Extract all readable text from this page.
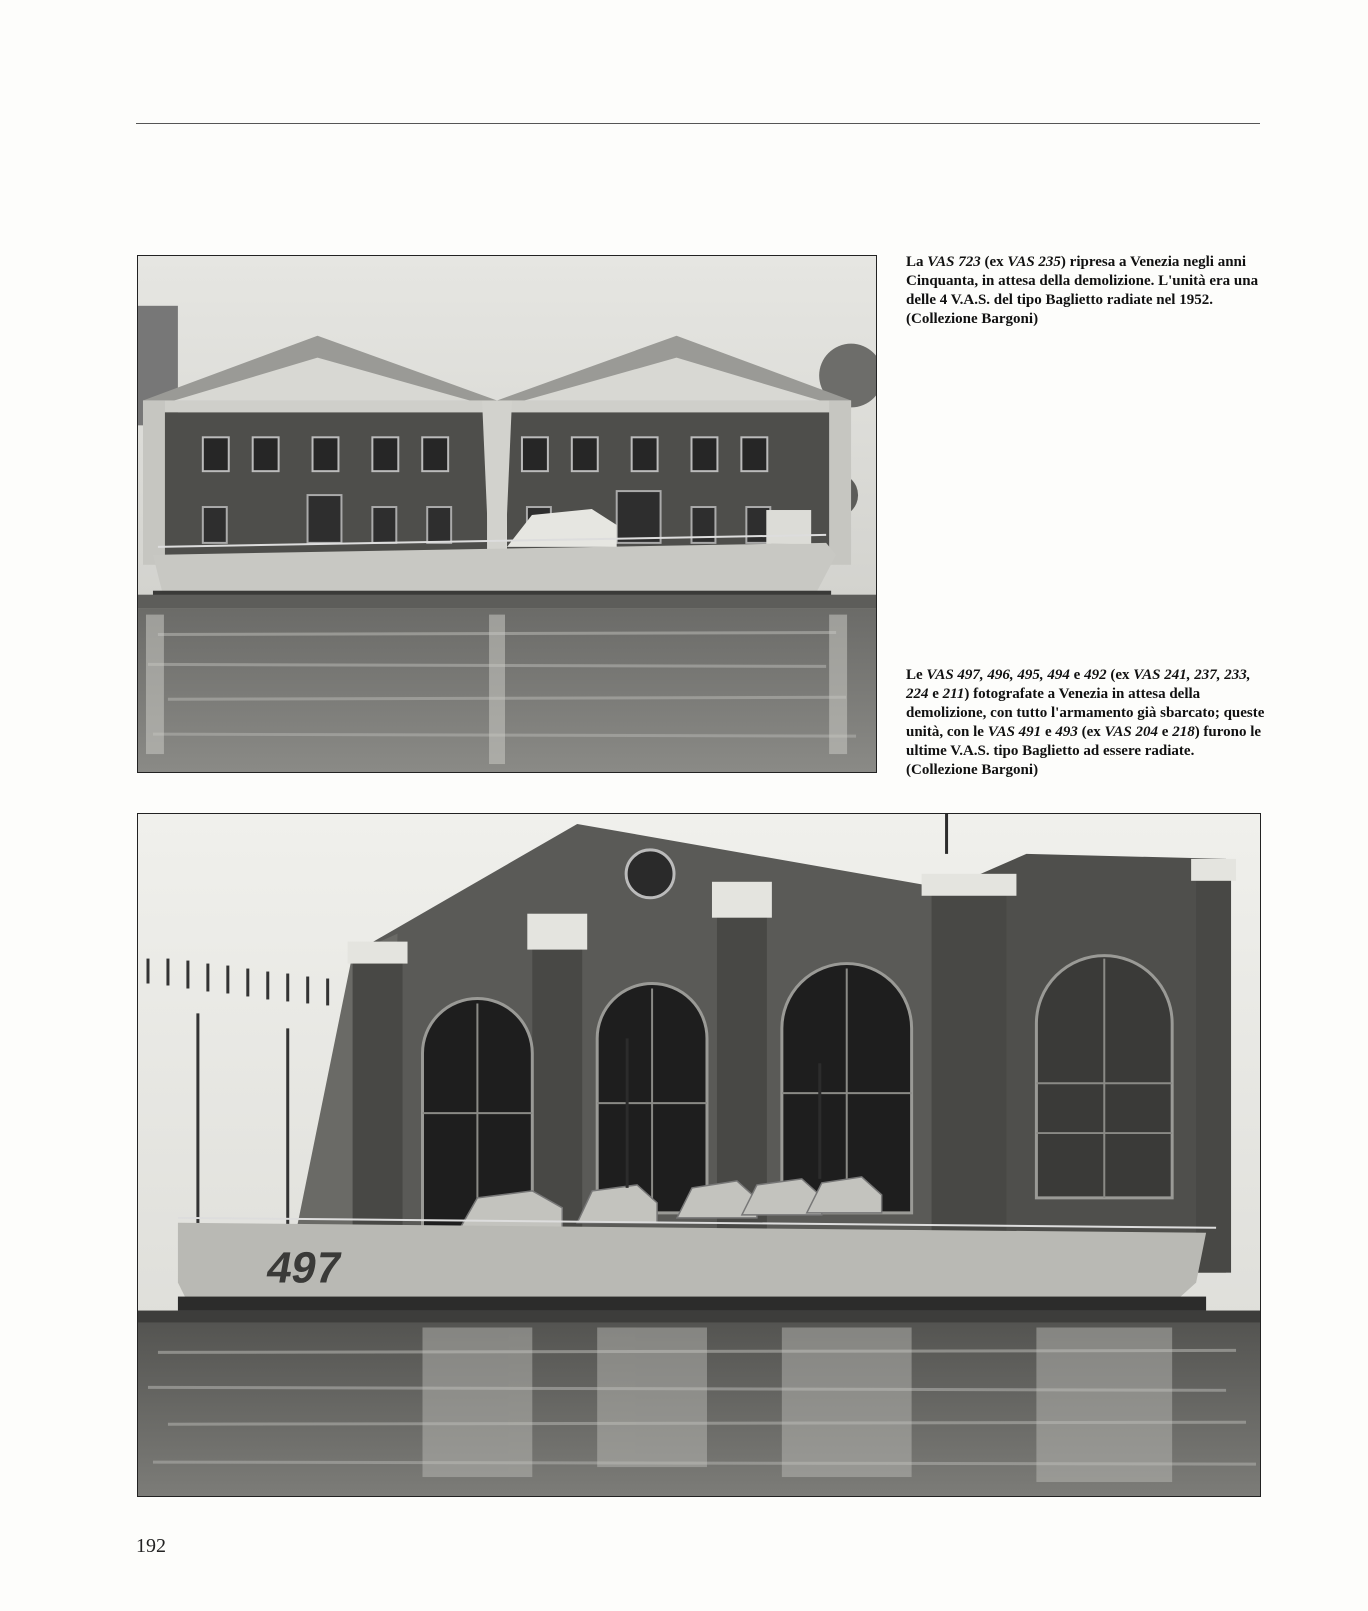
La VAS 723 (ex VAS 235) ripresa a Venezia negli anni Cinquanta, in attesa della demolizione. L'unità era una delle 4 V.A.S. del tipo Baglietto radiate nel 1952. (Collezione Bargoni)
Le VAS 497, 496, 495, 494 e 492 (ex VAS 241, 237, 233, 224 e 211) fotografate a Venezia in attesa della demolizione, con tutto l'armamento già sbarcato; queste unità, con le VAS 491 e 493 (ex VAS 204 e 218) furono le ultime V.A.S. tipo Baglietto ad essere radiate. (Collezione Bargoni)
497
192
